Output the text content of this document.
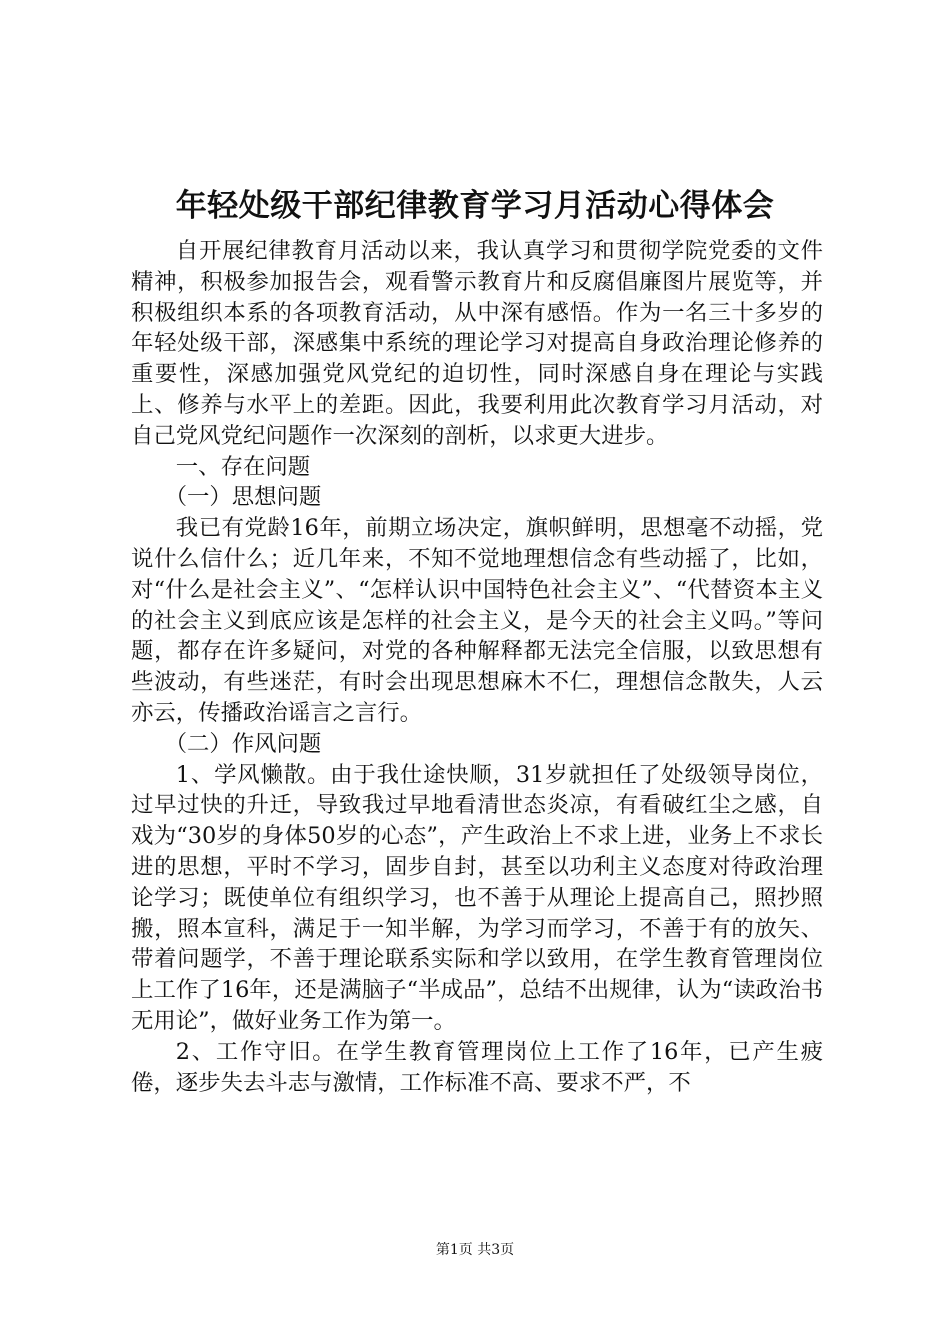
年轻处级干部纪律教育学习月活动心得体会

自开展纪律教育月活动以来，我认真学习和贯彻学院党委的文件精神，积极参加报告会，观看警示教育片和反腐倡廉图片展览等，并积极组织本系的各项教育活动，从中深有感悟。作为一名三十多岁的年轻处级干部，深感集中系统的理论学习对提高自身政治理论修养的重要性，深感加强党风党纪的迫切性，同时深感自身在理论与实践上、修养与水平上的差距。因此，我要利用此次教育学习月活动，对自己党风党纪问题作一次深刻的剖析，以求更大进步。

一、存在问题

（一）思想问题

我已有党龄16年，前期立场决定，旗帜鲜明，思想毫不动摇，党说什么信什么；近几年来，不知不觉地理想信念有些动摇了，比如，对“什么是社会主义”、“怎样认识中国特色社会主义”、“代替资本主义的社会主义到底应该是怎样的社会主义，是今天的社会主义吗。”等问题，都存在许多疑问，对党的各种解释都无法完全信服，以致思想有些波动，有些迷茫，有时会出现思想麻木不仁，理想信念散失，人云亦云，传播政治谣言之言行。

（二）作风问题

1、学风懒散。由于我仕途快顺，31岁就担任了处级领导岗位，过早过快的升迁，导致我过早地看清世态炎凉，有看破红尘之感，自戏为“30岁的身体50岁的心态”，产生政治上不求上进，业务上不求长进的思想，平时不学习，固步自封，甚至以功利主义态度对待政治理论学习；既使单位有组织学习，也不善于从理论上提高自己，照抄照搬，照本宣科，满足于一知半解，为学习而学习，不善于有的放矢、带着问题学，不善于理论联系实际和学以致用，在学生教育管理岗位上工作了16年，还是满脑子“半成品”，总结不出规律，认为“读政治书无用论”，做好业务工作为第一。

2、工作守旧。在学生教育管理岗位上工作了16年，已产生疲倦，逐步失去斗志与激情，工作标准不高、要求不严，不

第1页 共3页
